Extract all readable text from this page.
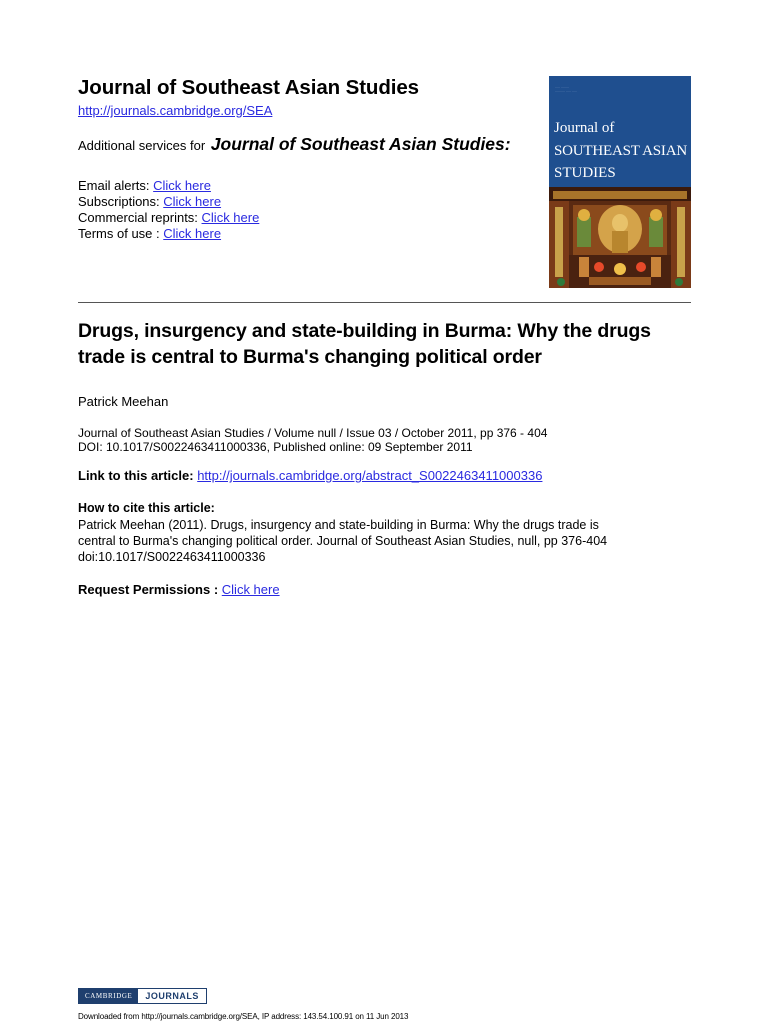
Journal of Southeast Asian Studies
http://journals.cambridge.org/SEA
Additional services for Journal of Southeast Asian Studies:
Email alerts: Click here
Subscriptions: Click here
Commercial reprints: Click here
Terms of use : Click here
····· ········
·········· ····· ·····
Journal of
SOUTHEAST ASIAN
STUDIES
Drugs, insurgency and state-building in Burma: Why the drugs trade is central to Burma's changing political order
Patrick Meehan
Journal of Southeast Asian Studies / Volume null / Issue 03 / October 2011, pp 376 - 404
DOI: 10.1017/S0022463411000336, Published online: 09 September 2011
Link to this article: http://journals.cambridge.org/abstract_S0022463411000336
How to cite this article:
Patrick Meehan (2011). Drugs, insurgency and state-building in Burma: Why the drugs trade is
central to Burma's changing political order. Journal of Southeast Asian Studies, null, pp 376-404
doi:10.1017/S0022463411000336
Request Permissions : Click here
CAMBRIDGE	JOURNALS
Downloaded from http://journals.cambridge.org/SEA, IP address: 143.54.100.91 on 11 Jun 2013
